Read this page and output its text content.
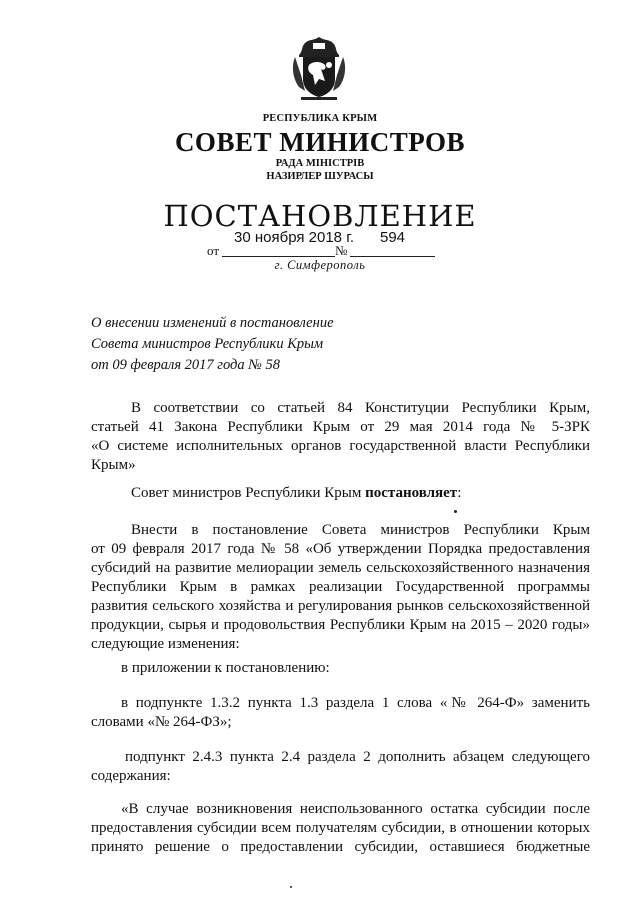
РЕСПУБЛИКА КРЫМ
СОВЕТ МИНИСТРОВ
РАДА МІНІСТРІВ
НАЗИРЛЕР ШУРАСЫ
ПОСТАНОВЛЕНИЕ
30 ноября 2018 г. 594
от	№
г. Симферополь
О внесении изменений в постановление
Совета министров Республики Крым
от 09 февраля 2017 года № 58
В соответствии со статьей 84 Конституции Республики Крым,
статьей 41 Закона Республики Крым от 29 мая 2014 года № 5-ЗРК
«О системе исполнительных органов государственной власти Республики
Крым»
Совет министров Республики Крым постановляет:
Внести в постановление Совета министров Республики Крым
от 09 февраля 2017 года № 58 «Об утверждении Порядка предоставления
субсидий на развитие мелиорации земель сельскохозяйственного назначения
Республики Крым в рамках реализации Государственной программы
развития сельского хозяйства и регулирования рынков сельскохозяйственной
продукции, сырья и продовольствия Республики Крым на 2015 – 2020 годы»
следующие изменения:
в приложении к постановлению:
в подпункте 1.3.2 пункта 1.3 раздела 1 слова «№ 264-Ф» заменить
словами «№ 264-ФЗ»;
подпункт 2.4.3 пункта 2.4 раздела 2 дополнить абзацем следующего
содержания:
«В случае возникновения неиспользованного остатка субсидии после
предоставления субсидии всем получателям субсидии, в отношении которых
принято решение о предоставлении субсидии, оставшиеся бюджетные
